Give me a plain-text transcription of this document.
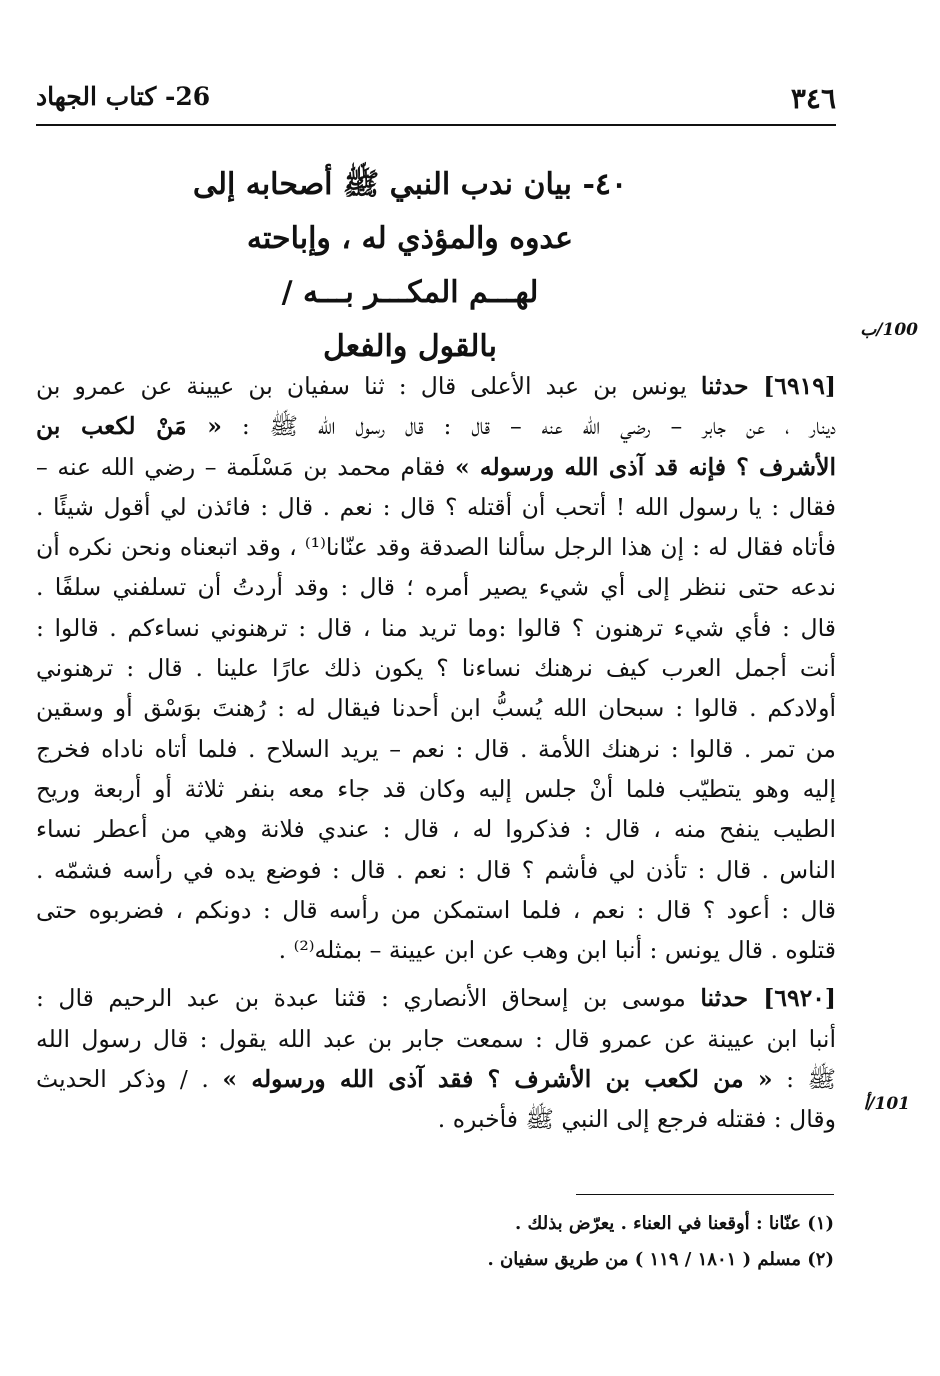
٣٤٦
26- كتاب الجهاد
٤٠- بيان ندب النبي ﷺ أصحابه إلى
عدوه والمؤذي له ، وإباحته
لهـــم المكـــر بـــه /
بالقول والفعل	100/ب
101/أ
[٦٩١٩] حدثنا يونس بن عبد الأعلى قال : ثنا سفيان بن عيينة عن عمرو بن
دينار ، عن جابر – رضي الله عنه – قال : قال رسول الله ﷺ : « مَنْ لكعب بن
الأشرف ؟ فإنه قد آذى الله ورسوله » فقام محمد بن مَسْلَمة – رضي الله عنه –
فقال : يا رسول الله ! أتحب أن أقتله ؟ قال : نعم . قال : فائذن لي أقول شيئًا .
فأتاه فقال له : إن هذا الرجل سألنا الصدقة وقد عنّانا⁽¹⁾ ، وقد اتبعناه ونحن نكره أن
ندعه حتى ننظر إلى أي شيء يصير أمره ؛ قال : وقد أردتُ أن تسلفني سلفًا .
قال : فأي شيء ترهنون ؟ قالوا :وما تريد منا ، قال : ترهنوني نساءكم . قالوا :
أنت أجمل العرب كيف نرهنك نساءنا ؟ يكون ذلك عارًا علينا . قال : ترهنوني
أولادكم . قالوا : سبحان الله يُسبُّ ابن أحدنا فيقال له : رُهنتَ بوَسْق أو وسقين
من تمر . قالوا : نرهنك اللأمة . قال : نعم – يريد السلاح . فلما أتاه ناداه فخرج
إليه وهو يتطيّب فلما أنْ جلس إليه وكان قد جاء معه بنفر ثلاثة أو أربعة وريح
الطيب ينفح منه ، قال : فذكروا له ، قال : عندي فلانة وهي من أعطر نساء
الناس . قال : تأذن لي فأشم ؟ قال : نعم . قال : فوضع يده في رأسه فشمّه .
قال : أعود ؟ قال : نعم ، فلما استمكن من رأسه قال : دونكم ، فضربوه حتى
قتلوه . قال يونس : أنبا ابن وهب عن ابن عيينة – بمثله⁽²⁾ .
[٦٩٢٠] حدثنا موسى بن إسحاق الأنصاري : قثنا عبدة بن عبد الرحيم قال :
أنبا ابن عيينة عن عمرو قال : سمعت جابر بن عبد الله يقول : قال رسول الله
ﷺ : « من لكعب بن الأشرف ؟ فقد آذى الله ورسوله » . / وذكر الحديث
وقال : فقتله فرجع إلى النبي ﷺ فأخبره .
(١) عنّانا : أوقعنا في العناء . يعرّض بذلك .
(٢) مسلم ( ١٨٠١ / ١١٩ ) من طريق سفيان .
